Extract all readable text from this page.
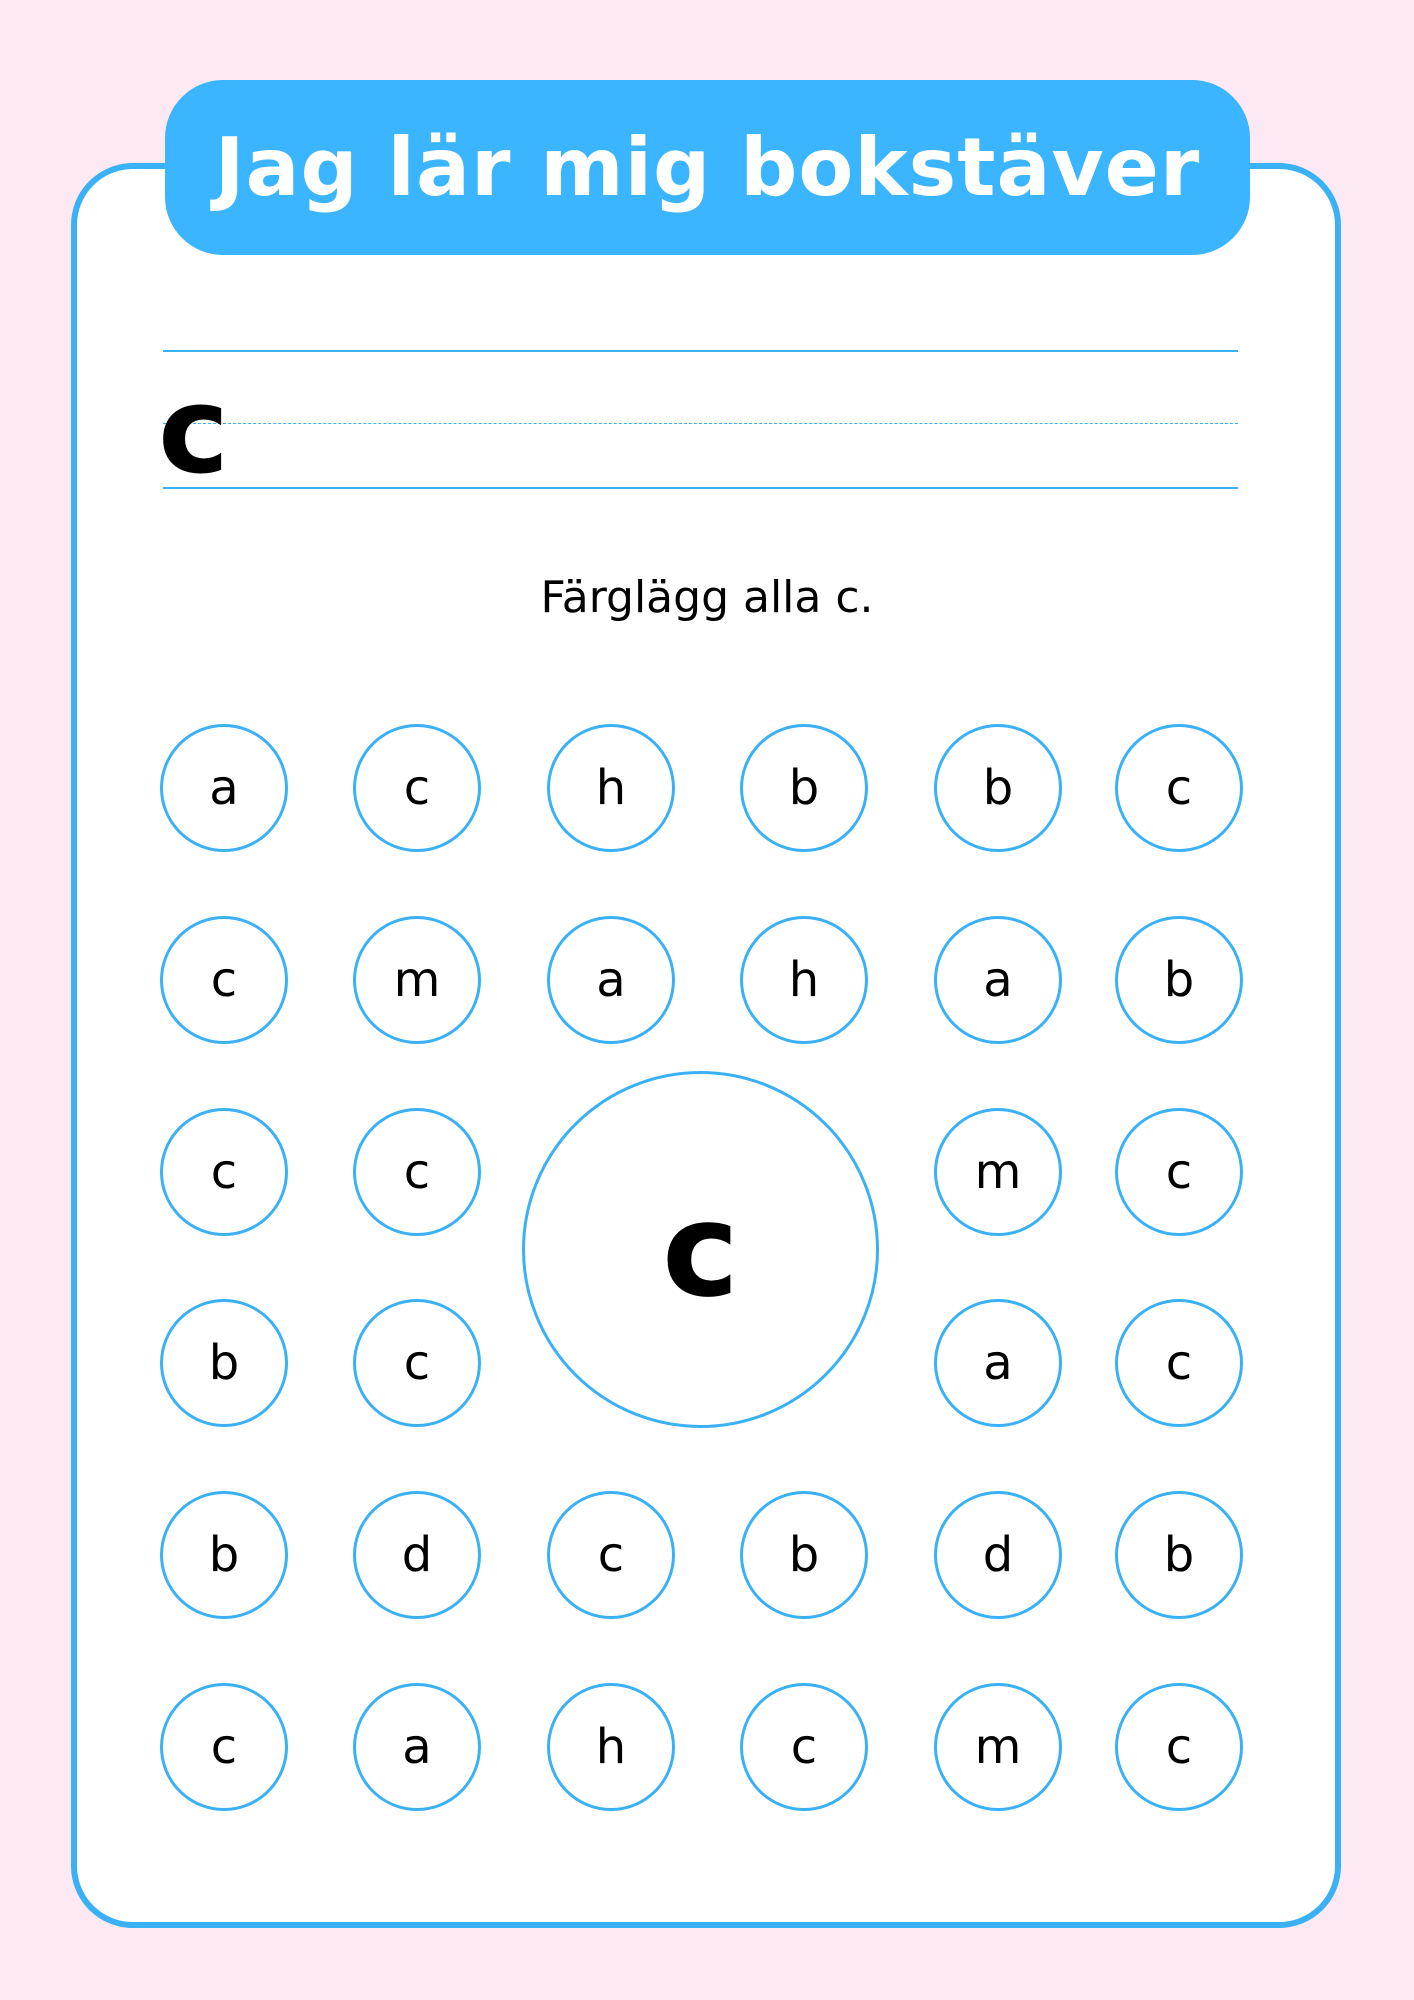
Jag lär mig bokstäver
c
Färglägg alla c.
a	c	h	b	b	c
c	m	a	h	a	b
c	c	m	c
b	c	a	c
b	d	c	b	d	b
c	a	h	c	m	c
c
